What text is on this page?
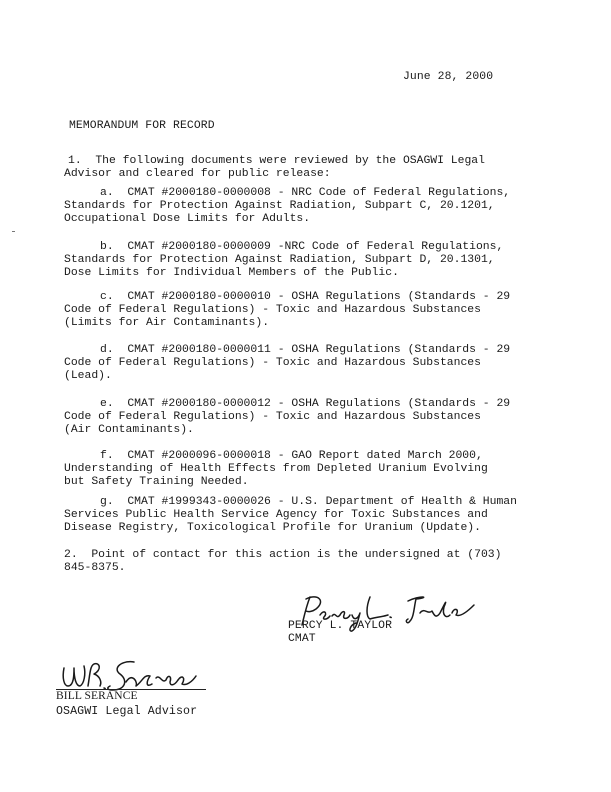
June 28, 2000
MEMORANDUM FOR RECORD
1.  The following documents were reviewed by the OSAGWI Legal
Advisor and cleared for public release:
a.  CMAT #2000180-0000008 - NRC Code of Federal Regulations,
Standards for Protection Against Radiation, Subpart C, 20.1201,
Occupational Dose Limits for Adults.
b.  CMAT #2000180-0000009 -NRC Code of Federal Regulations,
Standards for Protection Against Radiation, Subpart D, 20.1301,
Dose Limits for Individual Members of the Public.
c.  CMAT #2000180-0000010 - OSHA Regulations (Standards - 29
Code of Federal Regulations) - Toxic and Hazardous Substances
(Limits for Air Contaminants).
d.  CMAT #2000180-0000011 - OSHA Regulations (Standards - 29
Code of Federal Regulations) - Toxic and Hazardous Substances
(Lead).
e.  CMAT #2000180-0000012 - OSHA Regulations (Standards - 29
Code of Federal Regulations) - Toxic and Hazardous Substances
(Air Contaminants).
f.  CMAT #2000096-0000018 - GAO Report dated March 2000,
Understanding of Health Effects from Depleted Uranium Evolving
but Safety Training Needed.
g.  CMAT #1999343-0000026 - U.S. Department of Health & Human
Services Public Health Service Agency for Toxic Substances and
Disease Registry, Toxicological Profile for Uranium (Update).
2.  Point of contact for this action is the undersigned at (703)
845-8375.
PERCY L. TAYLOR
CMAT
BILL SERANCE
OSAGWI Legal Advisor
